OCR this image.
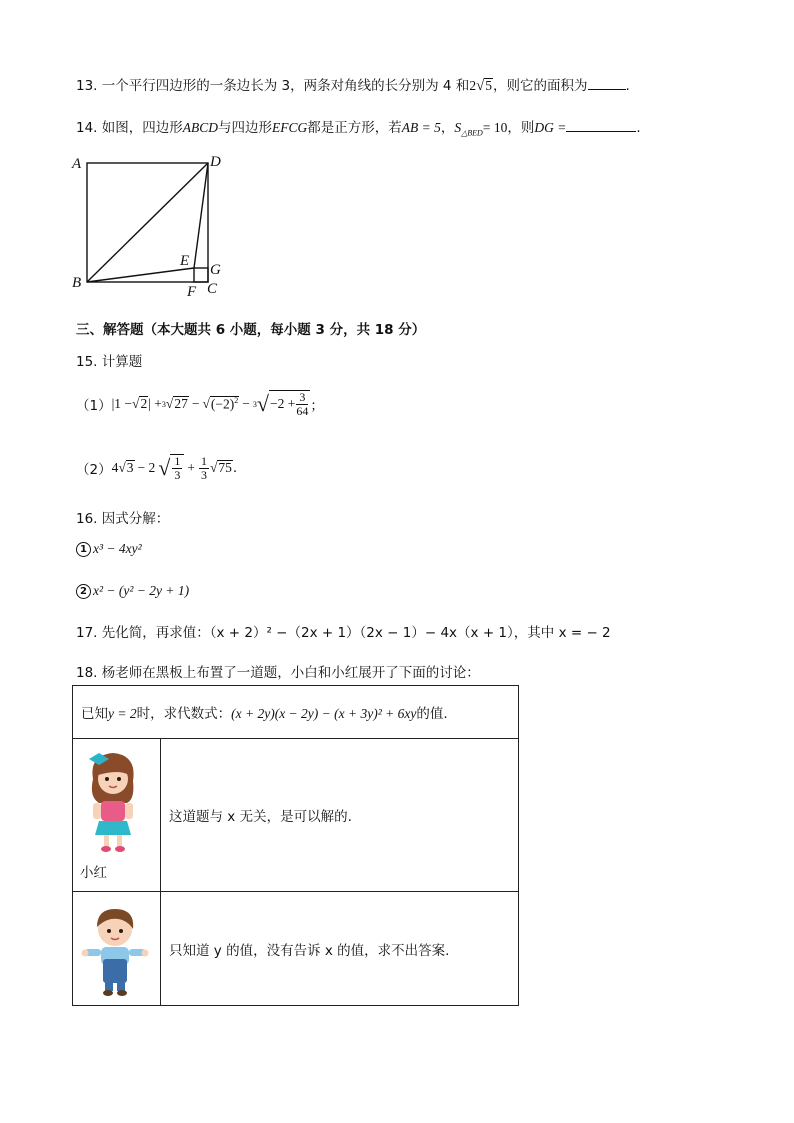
13. 一个平行四边形的一条边长为 3，两条对角线的长分别为 4 和2√5，则它的面积为	.
14. 如图，四边形ABCD与四边形EFCG都是正方形，若AB = 5，$S_{\triangle BED}= 10$，则DG =	.
A	D
B
E
G
F C
三、解答题（本大题共 6 小题，每小题 3 分，共 18 分）
15. 计算题
（1） |1 − √ 2 | + 3 √ 27 − √ $(-2)^2 - 3$ √ $-2 + \frac{3}{64}$ ；
（2） 4 √ 3 − 2 √ $\frac{1}{3} + \frac{1}{3}$ √ 75 .
16. 因式分解：
1 x³ − 4xy²
2 x² − (y² − 2y + 1)
17. 先化简，再求值：（x + 2）² −（2x + 1）（2x − 1）− 4x（x + 1），其中 x = − 2
18. 杨老师在黑板上布置了一道题，小白和小红展开了下面的讨论：
已知y = 2时，求代数式：(x + 2y)(x − 2y) − (x + 3y)² + 6xy的值.	

小红	这道题与 x 无关，是可以解的.

	只知道 y 的值，没有告诉 x 的值，求不出答案.
